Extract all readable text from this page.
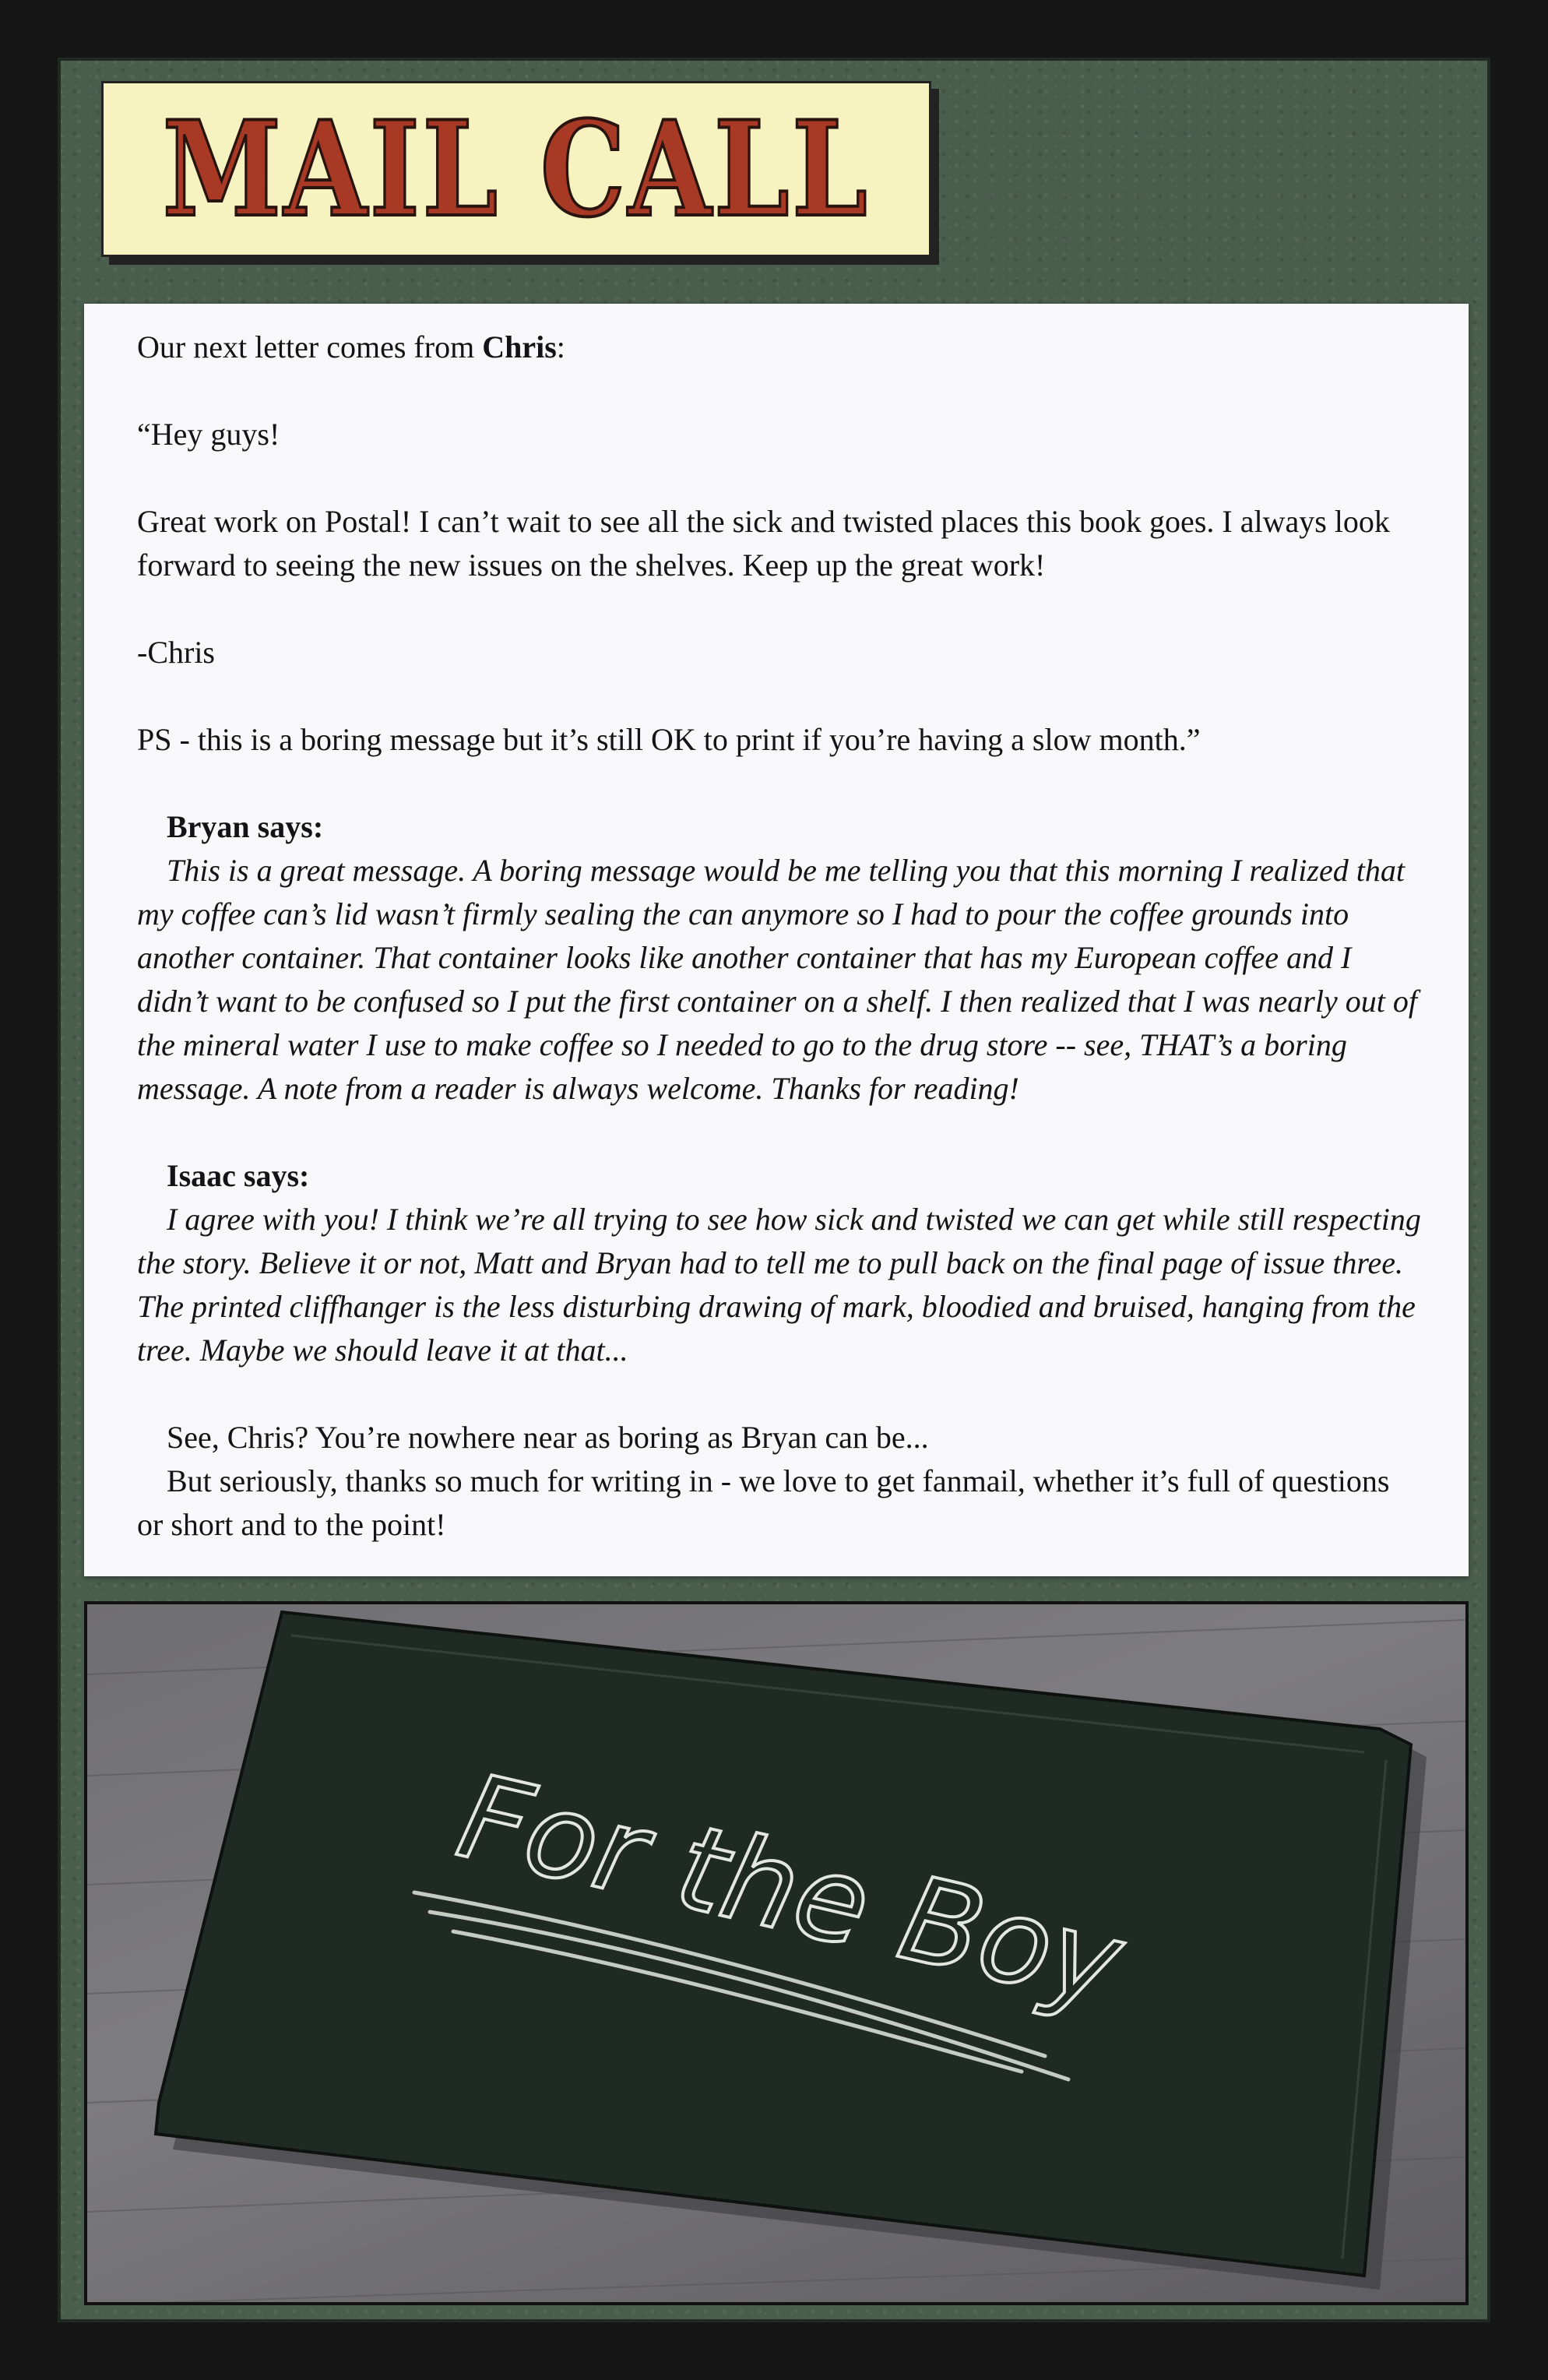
MAIL CALL

Our next letter comes from Chris:

“Hey guys!

Great work on Postal! I can’t wait to see all the sick and twisted places this book goes. I always look forward to seeing the new issues on the shelves. Keep up the great work!

-Chris

PS - this is a boring message but it’s still OK to print if you’re having a slow month.”

Bryan says:

This is a great message. A boring message would be me telling you that this morning I realized that my coffee can’s lid wasn’t firmly sealing the can anymore so I had to pour the coffee grounds into another container. That container looks like another container that has my European coffee and I didn’t want to be confused so I put the first container on a shelf. I then realized that I was nearly out of the mineral water I use to make coffee so I needed to go to the drug store -- see, THAT’s a boring message. A note from a reader is always welcome. Thanks for reading!

Isaac says:

I agree with you! I think we’re all trying to see how sick and twisted we can get while still respecting the story. Believe it or not, Matt and Bryan had to tell me to pull back on the final page of issue three. The printed cliffhanger is the less disturbing drawing of mark, bloodied and bruised, hanging from the tree. Maybe we should leave it at that...

See, Chris? You’re nowhere near as boring as Bryan can be...

But seriously, thanks so much for writing in - we love to get fanmail, whether it’s full of questions or short and to the point!

For the Boy
